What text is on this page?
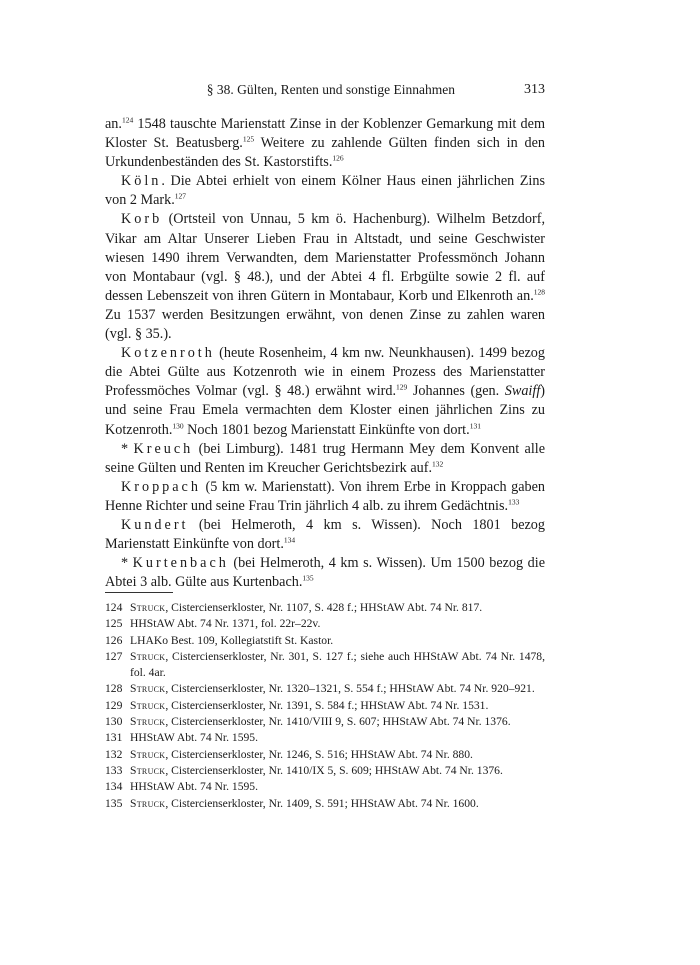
§ 38. Gülten, Renten und sonstige Einnahmen	313

an.$^{124}$ 1548 tauschte Marienstatt Zinse in der Koblenzer Gemarkung mit dem Kloster St. Beatusberg.$^{125}$ Weitere zu zahlende Gülten finden sich in den Urkundenbeständen des St. Kastorstifts.$^{126}$

Köln. Die Abtei erhielt von einem Kölner Haus einen jährlichen Zins von 2 Mark.$^{127}$

Korb (Ortsteil von Unnau, 5 km ö. Hachenburg). Wilhelm Betzdorf, Vikar am Altar Unserer Lieben Frau in Altstadt, und seine Geschwister wiesen 1490 ihrem Verwandten, dem Marienstatter Professmönch Johann von Montabaur (vgl. § 48.), und der Abtei 4 fl. Erbgülte sowie 2 fl. auf dessen Lebenszeit von ihren Gütern in Montabaur, Korb und Elkenroth an.$^{128}$ Zu 1537 werden Besitzungen erwähnt, von denen Zinse zu zahlen waren (vgl. § 35.).

Kotzenroth (heute Rosenheim, 4 km nw. Neunkhausen). 1499 bezog die Abtei Gülte aus Kotzenroth wie in einem Prozess des Marienstatter Professmöches Volmar (vgl. § 48.) erwähnt wird.$^{129}$ Johannes (gen. Swaiff) und seine Frau Emela vermachten dem Kloster einen jährlichen Zins zu Kotzenroth.$^{130}$ Noch 1801 bezog Marienstatt Einkünfte von dort.$^{131}$

* Kreuch (bei Limburg). 1481 trug Hermann Mey dem Konvent alle seine Gülten und Renten im Kreucher Gerichtsbezirk auf.$^{132}$

Kroppach (5 km w. Marienstatt). Von ihrem Erbe in Kroppach gaben Henne Richter und seine Frau Trin jährlich 4 alb. zu ihrem Gedächtnis.$^{133}$

Kundert (bei Helmeroth, 4 km s. Wissen). Noch 1801 bezog Marienstatt Einkünfte von dort.$^{134}$

* Kurtenbach (bei Helmeroth, 4 km s. Wissen). Um 1500 bezog die Abtei 3 alb. Gülte aus Kurtenbach.$^{135}$

124 Struck, Cistercienserkloster, Nr. 1107, S. 428 f.; HHStAW Abt. 74 Nr. 817.
125 HHStAW Abt. 74 Nr. 1371, fol. 22r–22v.
126 LHAKo Best. 109, Kollegiatstift St. Kastor.
127 Struck, Cistercienserkloster, Nr. 301, S. 127 f.; siehe auch HHStAW Abt. 74 Nr. 1478, fol. 4ar.
128 Struck, Cistercienserkloster, Nr. 1320–1321, S. 554 f.; HHStAW Abt. 74 Nr. 920–921.
129 Struck, Cistercienserkloster, Nr. 1391, S. 584 f.; HHStAW Abt. 74 Nr. 1531.
130 Struck, Cistercienserkloster, Nr. 1410/VIII 9, S. 607; HHStAW Abt. 74 Nr. 1376.
131 HHStAW Abt. 74 Nr. 1595.
132 Struck, Cistercienserkloster, Nr. 1246, S. 516; HHStAW Abt. 74 Nr. 880.
133 Struck, Cistercienserkloster, Nr. 1410/IX 5, S. 609; HHStAW Abt. 74 Nr. 1376.
134 HHStAW Abt. 74 Nr. 1595.
135 Struck, Cistercienserkloster, Nr. 1409, S. 591; HHStAW Abt. 74 Nr. 1600.
